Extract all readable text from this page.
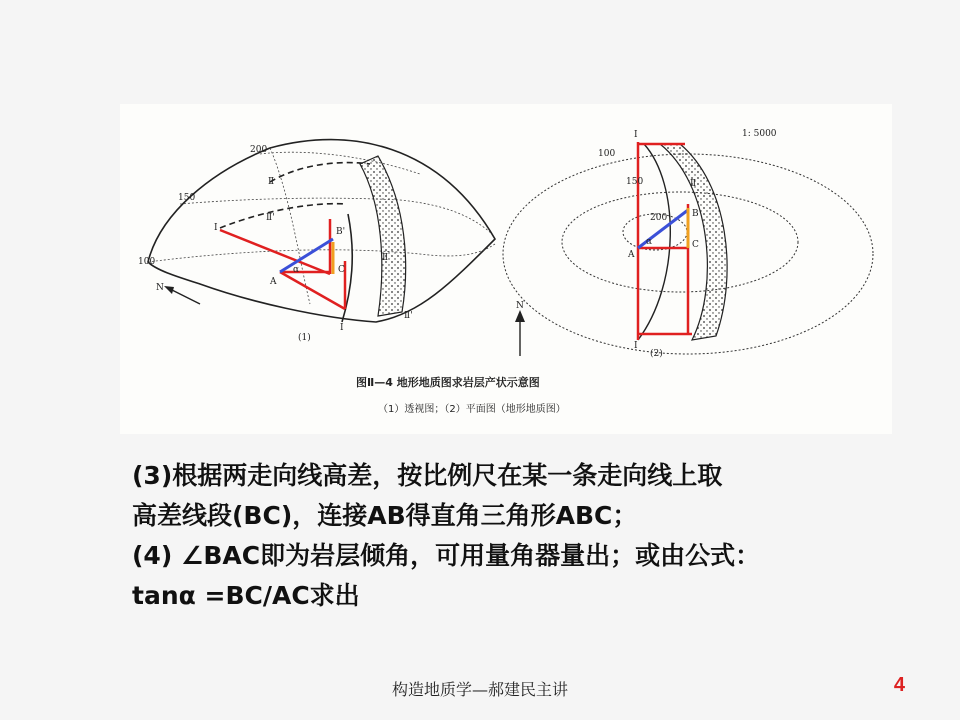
200
150
100
I
Ⅱ
Ⅱ'
B'
A
α	C
Ⅱ
I
Ⅱ'
(1)
N
I	1: 5000
100
150
200
Ⅱ
B
α	C
A
I
(2)
N
图Ⅱ—4 地形地质图求岩层产状示意图
（1）透视图；（2）平面图（地形地质图）
(3)根据两走向线高差，按比例尺在某一条走向线上取
高差线段(BC)，连接AB得直角三角形ABC；
(4) ∠BAC即为岩层倾角，可用量角器量出；或由公式：
tanα =BC/AC求出
构造地质学—郝建民主讲	4
